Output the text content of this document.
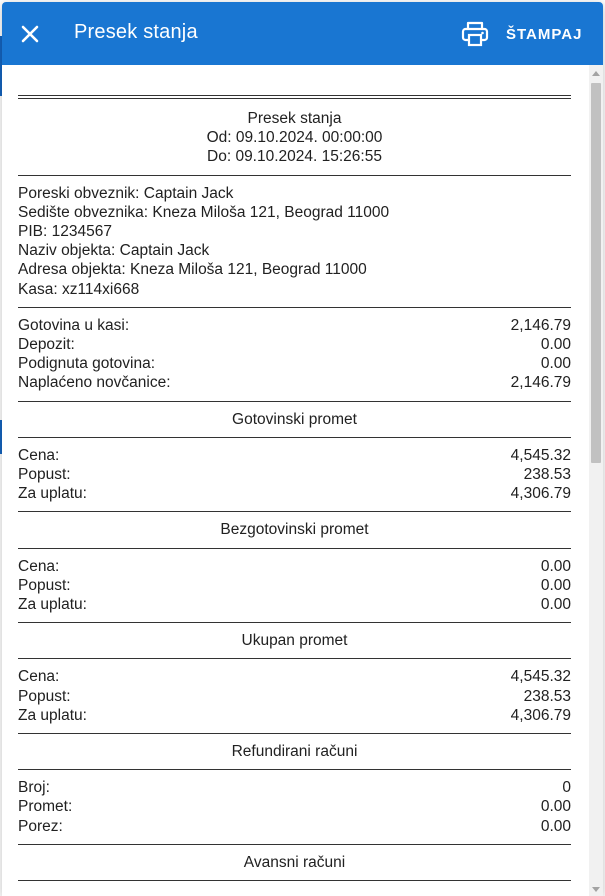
Presek stanja	ŠTAMPAJ
Presek stanja
Od: 09.10.2024. 00:00:00
Do: 09.10.2024. 15:26:55
Poreski obveznik: Captain Jack
Sedište obveznika: Kneza Miloša 121, Beograd 11000
PIB: 1234567
Naziv objekta: Captain Jack
Adresa objekta: Kneza Miloša 121, Beograd 11000
Kasa: xz114xi668
Gotovina u kasi:	2,146.79
Depozit:	0.00
Podignuta gotovina:	0.00
Naplaćeno novčanice:	2,146.79
Gotovinski promet
Cena:	4,545.32
Popust:	238.53
Za uplatu:	4,306.79
Bezgotovinski promet
Cena:	0.00
Popust:	0.00
Za uplatu:	0.00
Ukupan promet
Cena:	4,545.32
Popust:	238.53
Za uplatu:	4,306.79
Refundirani računi
Broj:	0
Promet:	0.00
Porez:	0.00
Avansni računi
